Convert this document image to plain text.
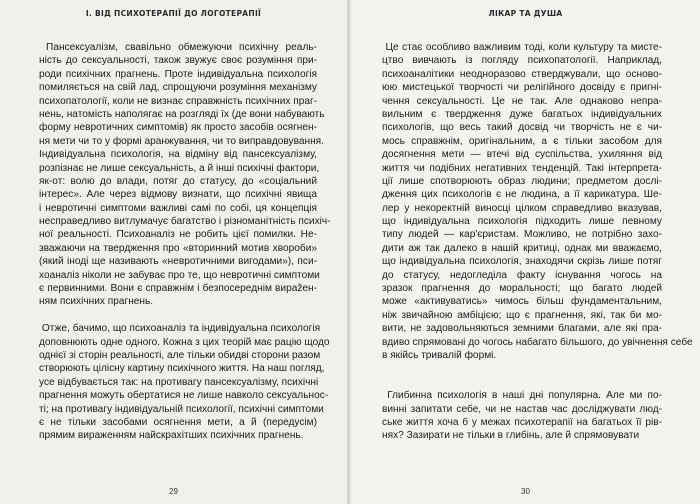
I. ВІД ПСИХОТЕРАПІЇ ДО ЛОГОТЕРАПІЇ
Пансексуалізм, свавільно обмежуючи психічну реаль-
ність до сексуальності, також звужує своє розуміння при-
роди психічних прагнень. Проте індивідуальна психологія
помиляється на свій лад, спрощуючи розуміння механізму
психопатології, коли не визнає справжність психічних праг-
нень, натомість наполягає на розгляді їх (де вони набувають
форму невротичних симптомів) як просто засобів осягнен-
ня мети чи то у формі аранжування, чи то виправдовування.
Індивідуальна психологія, на відміну від пансексуалізму,
розпізнає не лише сексуальність, а й інші психічні фактори,
як-от: волю до влади, потяг до статусу, до «соціальний
інтерес». Але через відмову визнати, що психічні явища
і невротичні симптоми важливі самі по собі, ця концепція
несправедливо витлумачує багатство і різноманітність психіч-
ної реальності. Психоаналіз не робить цієї помилки. Не-
зважаючи на твердження про «вторинний мотив хвороби»
(який іноді ще називають «невротичними вигодами»), пси-
хоаналіз ніколи не забуває про те, що невротичні симптоми
є первинними. Вони є справжнім і безпосереднім вираžен-
ням психічних прагнень.
Отже, бачимо, що психоаналіз та індивідуальна психологія
доповнюють одне одного. Кожна з цих теорій має рацію щодо
однієї зі сторін реальності, але тільки обидві сторони разом
створюють цілісну картину психічного життя. На наш погляд,
усе відбувається так: на противагу пансексуалізму, психічні
прагнення можуть обертатися не лише навколо сексуальнос-
ті; на противагу індивідуальній психології, психічні симптоми
є не тільки засобами осягнення мети, а й (передусім)
прямим вираженням найскрахітших психічних прагнень.
29
ЛІКАР ТА ДУША
Це стає особливо важливим тоді, коли культуру та мисте-
цтво вивчають із погляду психопатології. Наприклад,
психоаналітики неодноразово стверджували, що осново-
юю мистецької творчості чи релігійного досвіду є пригні-
чення сексуальності. Це не так. Але однаково непра-
вильним є твердження дуже багатьох індивідуальних
психологів, що весь такий досвід чи творчість не є чи-
мось справжнім, оригінальним, а є тільки засобом для
досягнення мети — втечі від суспільства, ухиляння від
життя чи подібних негативних тенденцій. Такі інтерпрета-
ції лише спотворюють образ людини; предметом дослі-
дження цих психологів є не людина, а її карикатура. Ше-
лер у некоректній виносці цілком справедливо вказував,
що індивідуальна психологія підходить лише певному
типу людей — кар'єристам. Можливо, не потрібно захо-
дити аж так далеко в нашій критиці, однак ми вважаємо,
що індивідуальна психологія, знаходячи скрізь лише потяг
до статусу, недогледіла факту існування чогось на
зразок прагнення до моральності; що багато людей
може «активуватись» чимось більш фундаментальним,
ніж звичайною амбіцією; що є прагнення, які, так би мо-
вити, не задовольняються земними благами, але які пра-
вдиво спрямовані до чогось набагато більшого, до увічнення себе
в якійсь тривалій формі.
Глибинна психологія в наші дні популярна. Але ми по-
винні запитати себе, чи не настав час досліджувати люд-
ське життя хоча б у межах психотерапії на багатьох її рів-
нях? Зазирати не тільки в глибінь, але й спрямовувати
30
